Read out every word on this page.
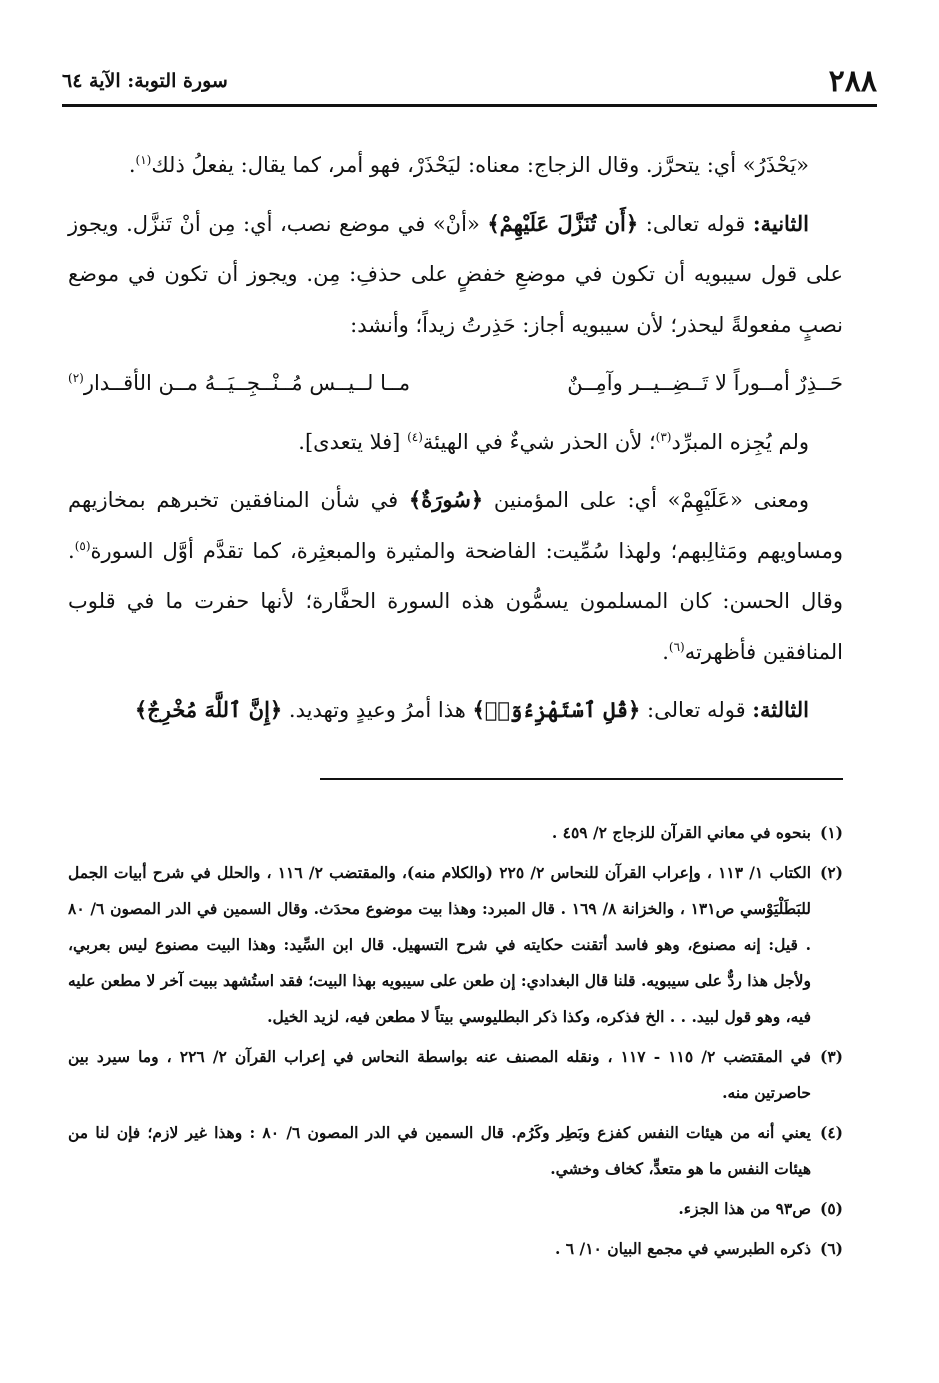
٢٨٨
سورة التوبة: الآية ٦٤

«يَحْذَرُ» أي: يتحرَّز. وقال الزجاج: معناه: ليَحْذَرْ، فهو أمر، كما يقال: يفعلُ ذلك$^{(١)}$.

الثانية: قوله تعالى: ﴿أَن تُنَزَّلَ عَلَيْهِمْ﴾ «أنْ» في موضع نصب، أي: مِن أنْ تَنزَّل. ويجوز على قول سيبويه أن تكون في موضعِ خفضٍ على حذفِ: مِن. ويجوز أن تكون في موضع نصبٍ مفعولةً ليحذر؛ لأن سيبويه أجاز: حَذِرتُ زيداً؛ وأنشد:

حَــذِرٌ أمــوراً لا تَــضِــيــر وآمِــنٌ
مــا لــيــس مُــنْــجِــيَــهُ مــن الأقــدار$^{(٢)}$

ولم يُجِزه المبرِّد$^{(٣)}$؛ لأن الحذر شيءٌ في الهيئة$^{(٤)}$ [فلا يتعدى].

ومعنى «عَلَيْهِمْ» أي: على المؤمنين ﴿سُورَةٌ﴾ في شأن المنافقين تخبرهم بمخازيهم ومساويهم ومَثالِبهم؛ ولهذا سُمِّيت: الفاضحة والمثيرة والمبعثِرة، كما تقدَّم أوَّل السورة$^{(٥)}$. وقال الحسن: كان المسلمون يسمُّون هذه السورة الحفَّارة؛ لأنها حفرت ما في قلوب المنافقين فأظهرته$^{(٦)}$.

الثالثة: قوله تعالى: ﴿قُلِ ٱسْتَهْزِءُوٓا۟﴾ هذا أمرُ وعيدٍ وتهديد. ﴿إِنَّ ٱللَّهَ مُخْرِجٌ﴾

(١)
بنحوه في معاني القرآن للزجاج ٢/ ٤٥٩ .
(٢)
الكتاب ١/ ١١٣ ، وإعراب القرآن للنحاس ٢/ ٢٢٥ (والكلام منه)، والمقتضب ٢/ ١١٦ ، والحلل في شرح أبيات الجمل للبَطَلْيَوْسي ص١٣١ ، والخزانة ٨/ ١٦٩ . قال المبرد: وهذا بيت موضوع محدَث. وقال السمين في الدر المصون ٦/ ٨٠ . قيل: إنه مصنوع، وهو فاسد أتقنت حكايته في شرح التسهيل. قال ابن السِّيد: وهذا البيت مصنوع ليس بعربي، ولأجل هذا ردٌّ على سيبويه. قلنا قال البغدادي: إن طعن على سيبويه بهذا البيت؛ فقد استُشهد ببيت آخر لا مطعن عليه فيه، وهو قول لبيد. . . الخ فذكره، وكذا ذكر البطليوسي بيتاً لا مطعن فيه، لزيد الخيل.
(٣)
في المقتضب ٢/ ١١٥ - ١١٧ ، ونقله المصنف عنه بواسطة النحاس في إعراب القرآن ٢/ ٢٢٦ ، وما سيرد بين حاصرتين منه.
(٤)
يعني أنه من هيئات النفس كفزع وبَطِر وكَرُم. قال السمين في الدر المصون ٦/ ٨٠ : وهذا غير لازم؛ فإن لنا من هيئات النفس ما هو متعدٍّ، كخاف وخشي.
(٥)
ص٩٣ من هذا الجزء.
(٦)
ذكره الطبرسي في مجمع البيان ١٠/ ٦ .
